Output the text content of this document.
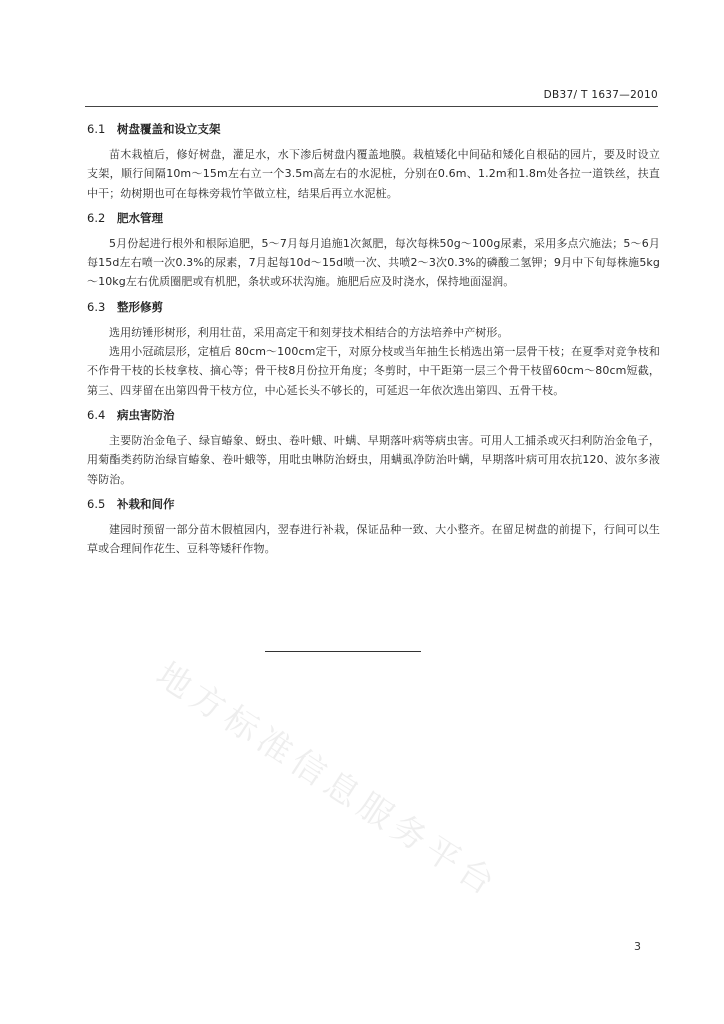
DB37/ T 1637—2010
6.1	树盘覆盖和设立支架

苗木栽植后，修好树盘，灌足水，水下渗后树盘内覆盖地膜。栽植矮化中间砧和矮化自根砧的园片，要及时设立支架，顺行间隔10m～15m左右立一个3.5m高左右的水泥桩，分别在0.6m、1.2m和1.8m处各拉一道铁丝，扶直中干；幼树期也可在每株旁栽竹竿做立柱，结果后再立水泥桩。

6.2	肥水管理

5月份起进行根外和根际追肥，5～7月每月追施1次氮肥，每次每株50g～100g尿素，采用多点穴施法；5～6月每15d左右喷一次0.3%的尿素，7月起每10d～15d喷一次、共喷2～3次0.3%的磷酸二氢钾；9月中下旬每株施5kg～10kg左右优质圈肥或有机肥，条状或环状沟施。施肥后应及时浇水，保持地面湿润。

6.3	整形修剪

选用纺锤形树形，利用壮苗，采用高定干和刻芽技术相结合的方法培养中产树形。

选用小冠疏层形，定植后 80cm～100cm定干，对原分枝或当年抽生长梢选出第一层骨干枝；在夏季对竞争枝和不作骨干枝的长枝拿枝、摘心等；骨干枝8月份拉开角度；冬剪时，中干距第一层三个骨干枝留60cm～80cm短截，第三、四芽留在出第四骨干枝方位，中心延长头不够长的，可延迟一年依次选出第四、五骨干枝。

6.4	病虫害防治

主要防治金龟子、绿盲蝽象、蚜虫、卷叶蛾、叶螨、早期落叶病等病虫害。可用人工捕杀或灭扫利防治金龟子，用菊酯类药防治绿盲蝽象、卷叶蛾等，用吡虫啉防治蚜虫，用螨虱净防治叶螨，早期落叶病可用农抗120、波尔多液等防治。

6.5	补栽和间作

建园时预留一部分苗木假植园内，翌春进行补栽，保证品种一致、大小整齐。在留足树盘的前提下，行间可以生草或合理间作花生、豆科等矮秆作物。

地方标准信息服务平台
3
